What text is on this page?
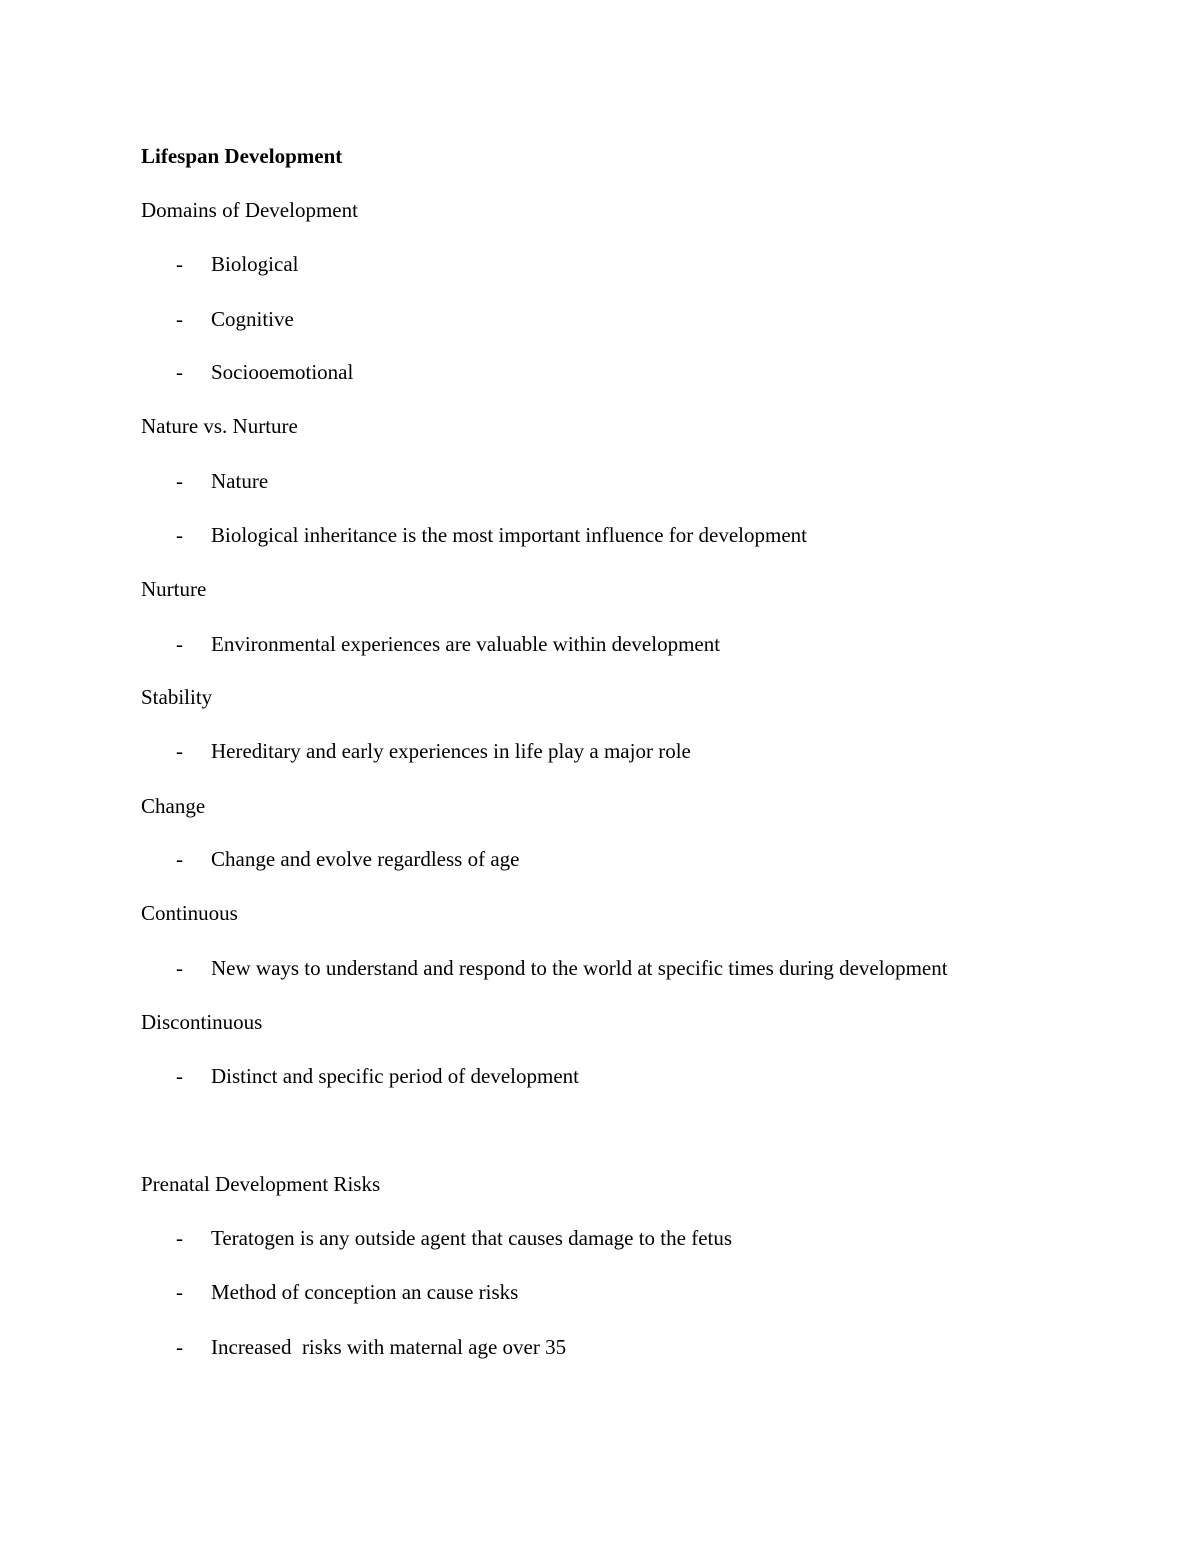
Lifespan Development
Domains of Development
- Biological
- Cognitive
- Sociooemotional
Nature vs. Nurture
- Nature
- Biological inheritance is the most important influence for development
Nurture
- Environmental experiences are valuable within development
Stability
- Hereditary and early experiences in life play a major role
Change
- Change and evolve regardless of age
Continuous
- New ways to understand and respond to the world at specific times during development
Discontinuous
- Distinct and specific period of development
Prenatal Development Risks
- Teratogen is any outside agent that causes damage to the fetus
- Method of conception an cause risks
- Increased  risks with maternal age over 35
